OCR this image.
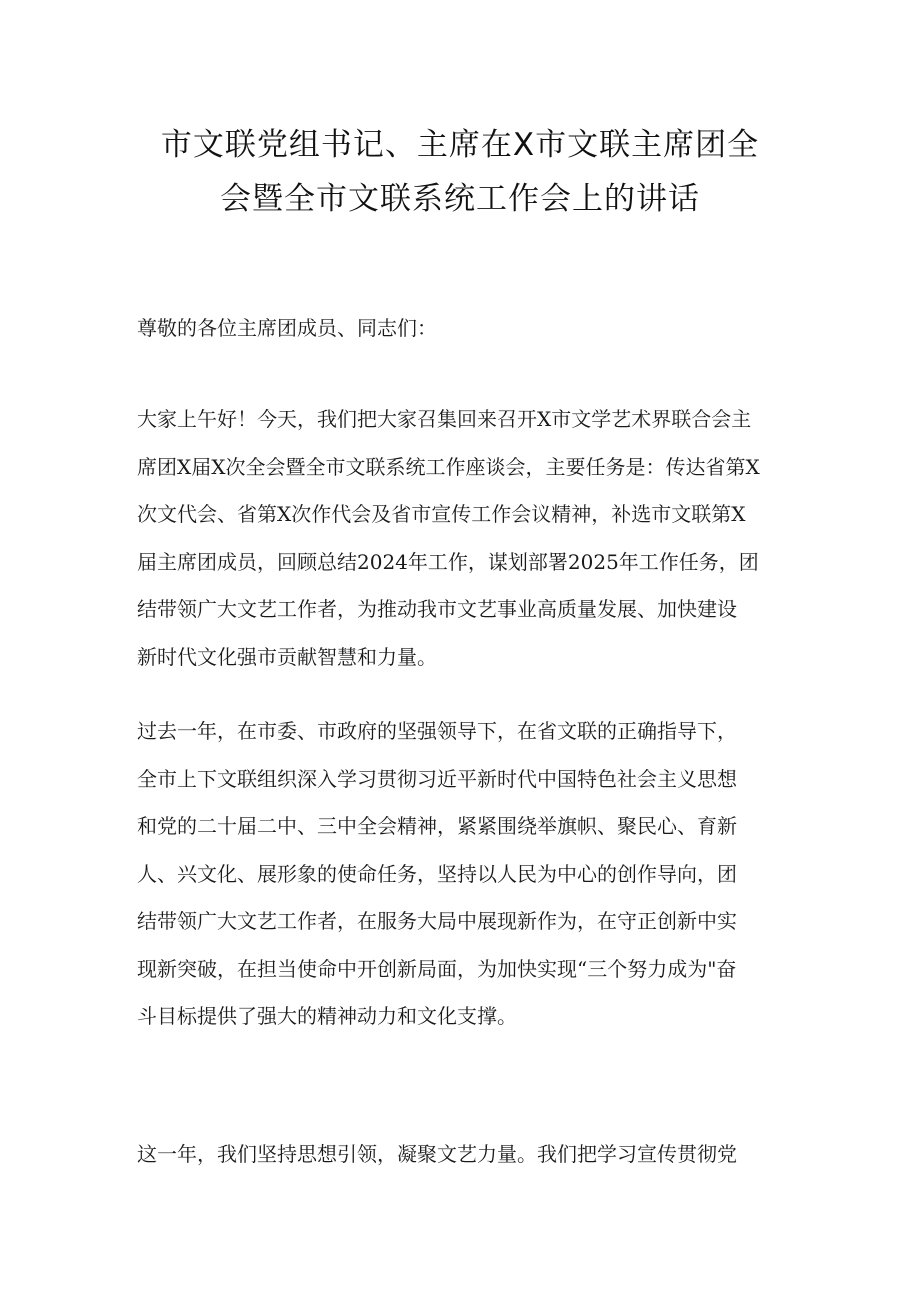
市文联党组书记、主席在X市文联主席团全
会暨全市文联系统工作会上的讲话

尊敬的各位主席团成员、同志们：

大家上午好！今天，我们把大家召集回来召开X市文学艺术界联合会主
席团X届X次全会暨全市文联系统工作座谈会，主要任务是：传达省第X
次文代会、省第X次作代会及省市宣传工作会议精神，补选市文联第X
届主席团成员，回顾总结2024年工作，谋划部署2025年工作任务，团
结带领广大文艺工作者，为推动我市文艺事业高质量发展、加快建设
新时代文化强市贡献智慧和力量。

过去一年，在市委、市政府的坚强领导下，在省文联的正确指导下，
全市上下文联组织深入学习贯彻习近平新时代中国特色社会主义思想
和党的二十届二中、三中全会精神，紧紧围绕举旗帜、聚民心、育新
人、兴文化、展形象的使命任务，坚持以人民为中心的创作导向，团
结带领广大文艺工作者，在服务大局中展现新作为，在守正创新中实
现新突破，在担当使命中开创新局面，为加快实现“三个努力成为"奋
斗目标提供了强大的精神动力和文化支撑。

这一年，我们坚持思想引领，凝聚文艺力量。我们把学习宣传贯彻党
